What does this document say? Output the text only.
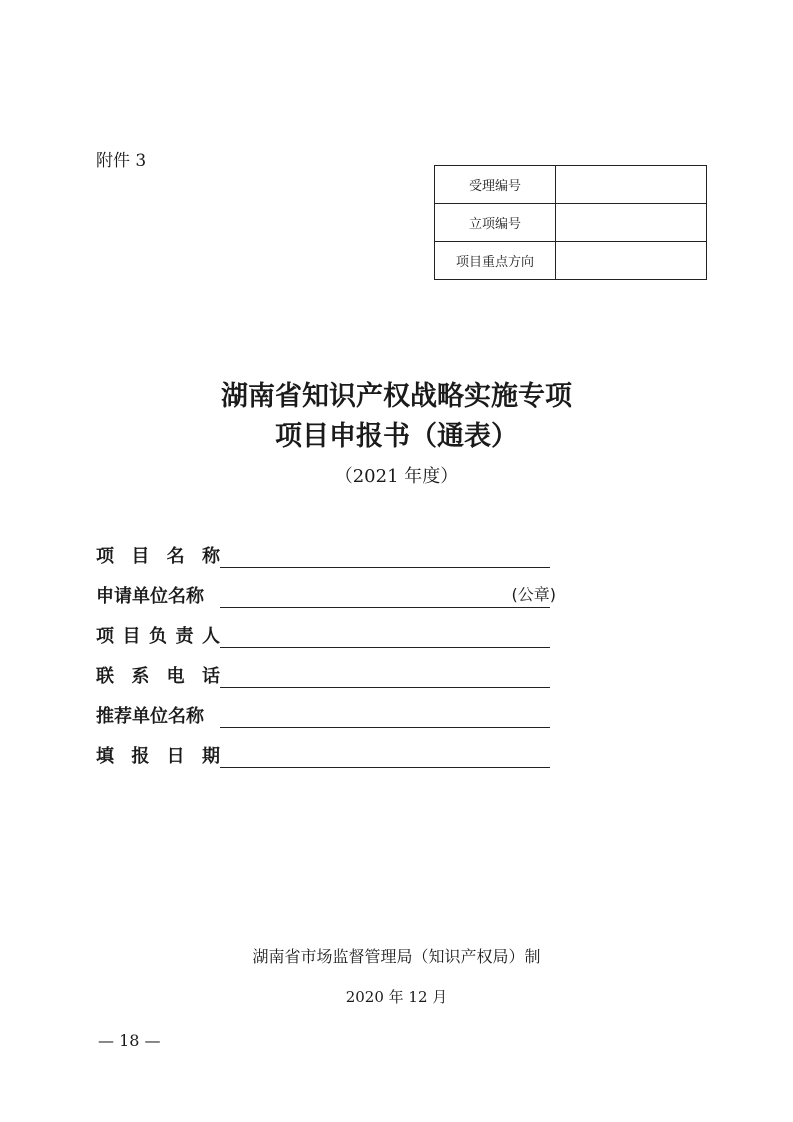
附件 3
受理编号	
立项编号	
项目重点方向	
湖南省知识产权战略实施专项
项目申报书（通表）
（2021 年度）
项 目 名 称
申请单位名称	(公章)
项 目 负 责 人
联 系 电 话
推荐单位名称
填 报 日 期
湖南省市场监督管理局（知识产权局）制
2020 年 12 月
— 18 —
